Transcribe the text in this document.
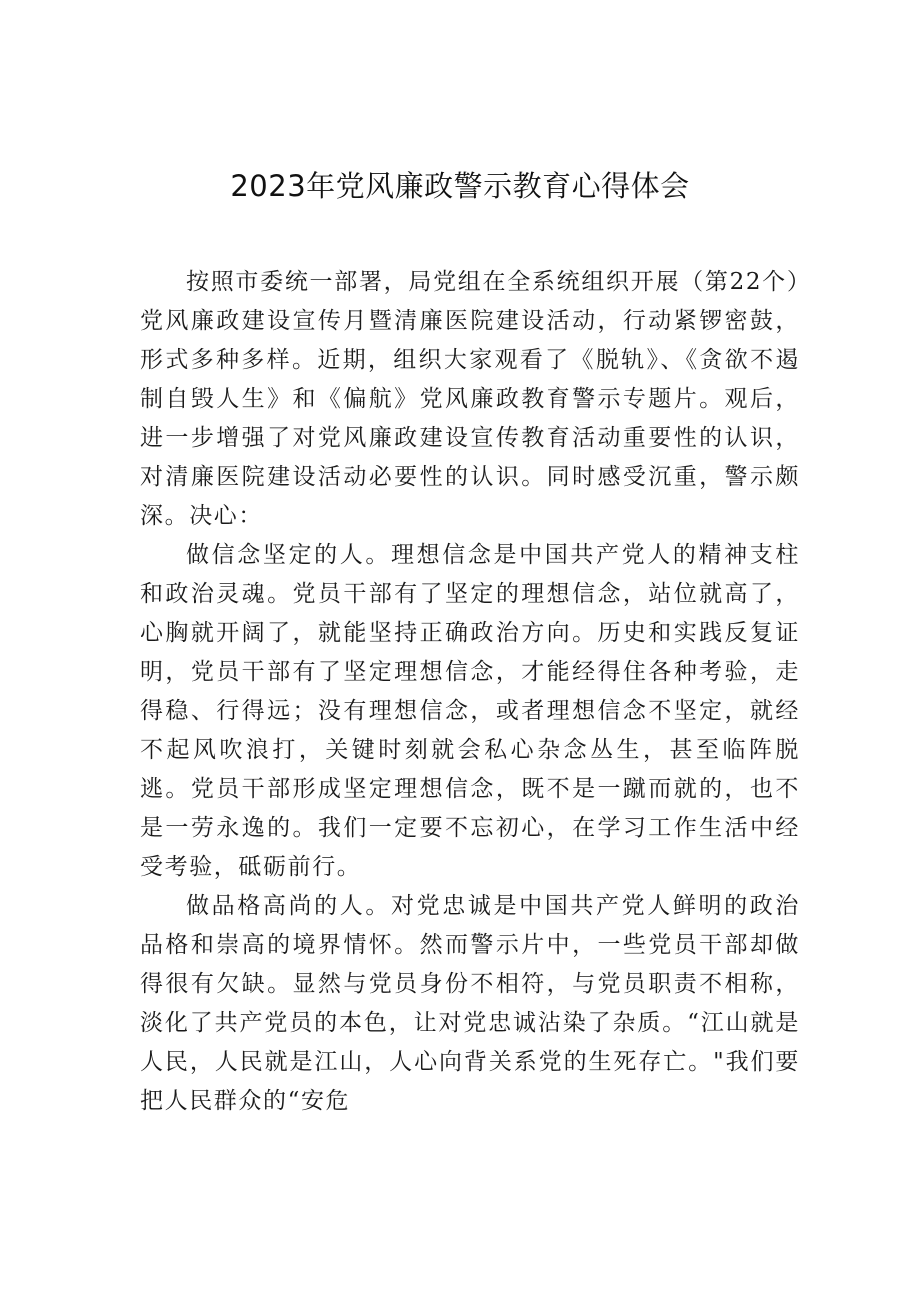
2023年党风廉政警示教育心得体会

按照市委统一部署，局党组在全系统组织开展（第22个）党风廉政建设宣传月暨清廉医院建设活动，行动紧锣密鼓，形式多种多样。近期，组织大家观看了《脱轨》、《贪欲不遏制自毁人生》和《偏航》党风廉政教育警示专题片。观后，进一步增强了对党风廉政建设宣传教育活动重要性的认识，对清廉医院建设活动必要性的认识。同时感受沉重，警示颇深。决心：

做信念坚定的人。理想信念是中国共产党人的精神支柱和政治灵魂。党员干部有了坚定的理想信念，站位就高了，心胸就开阔了，就能坚持正确政治方向。历史和实践反复证明，党员干部有了坚定理想信念，才能经得住各种考验，走得稳、行得远；没有理想信念，或者理想信念不坚定，就经不起风吹浪打，关键时刻就会私心杂念丛生，甚至临阵脱逃。党员干部形成坚定理想信念，既不是一蹴而就的，也不是一劳永逸的。我们一定要不忘初心，在学习工作生活中经受考验，砥砺前行。

做品格高尚的人。对党忠诚是中国共产党人鲜明的政治品格和崇高的境界情怀。然而警示片中，一些党员干部却做得很有欠缺。显然与党员身份不相符，与党员职责不相称，淡化了共产党员的本色，让对党忠诚沾染了杂质。“江山就是人民，人民就是江山，人心向背关系党的生死存亡。"我们要把人民群众的“安危
